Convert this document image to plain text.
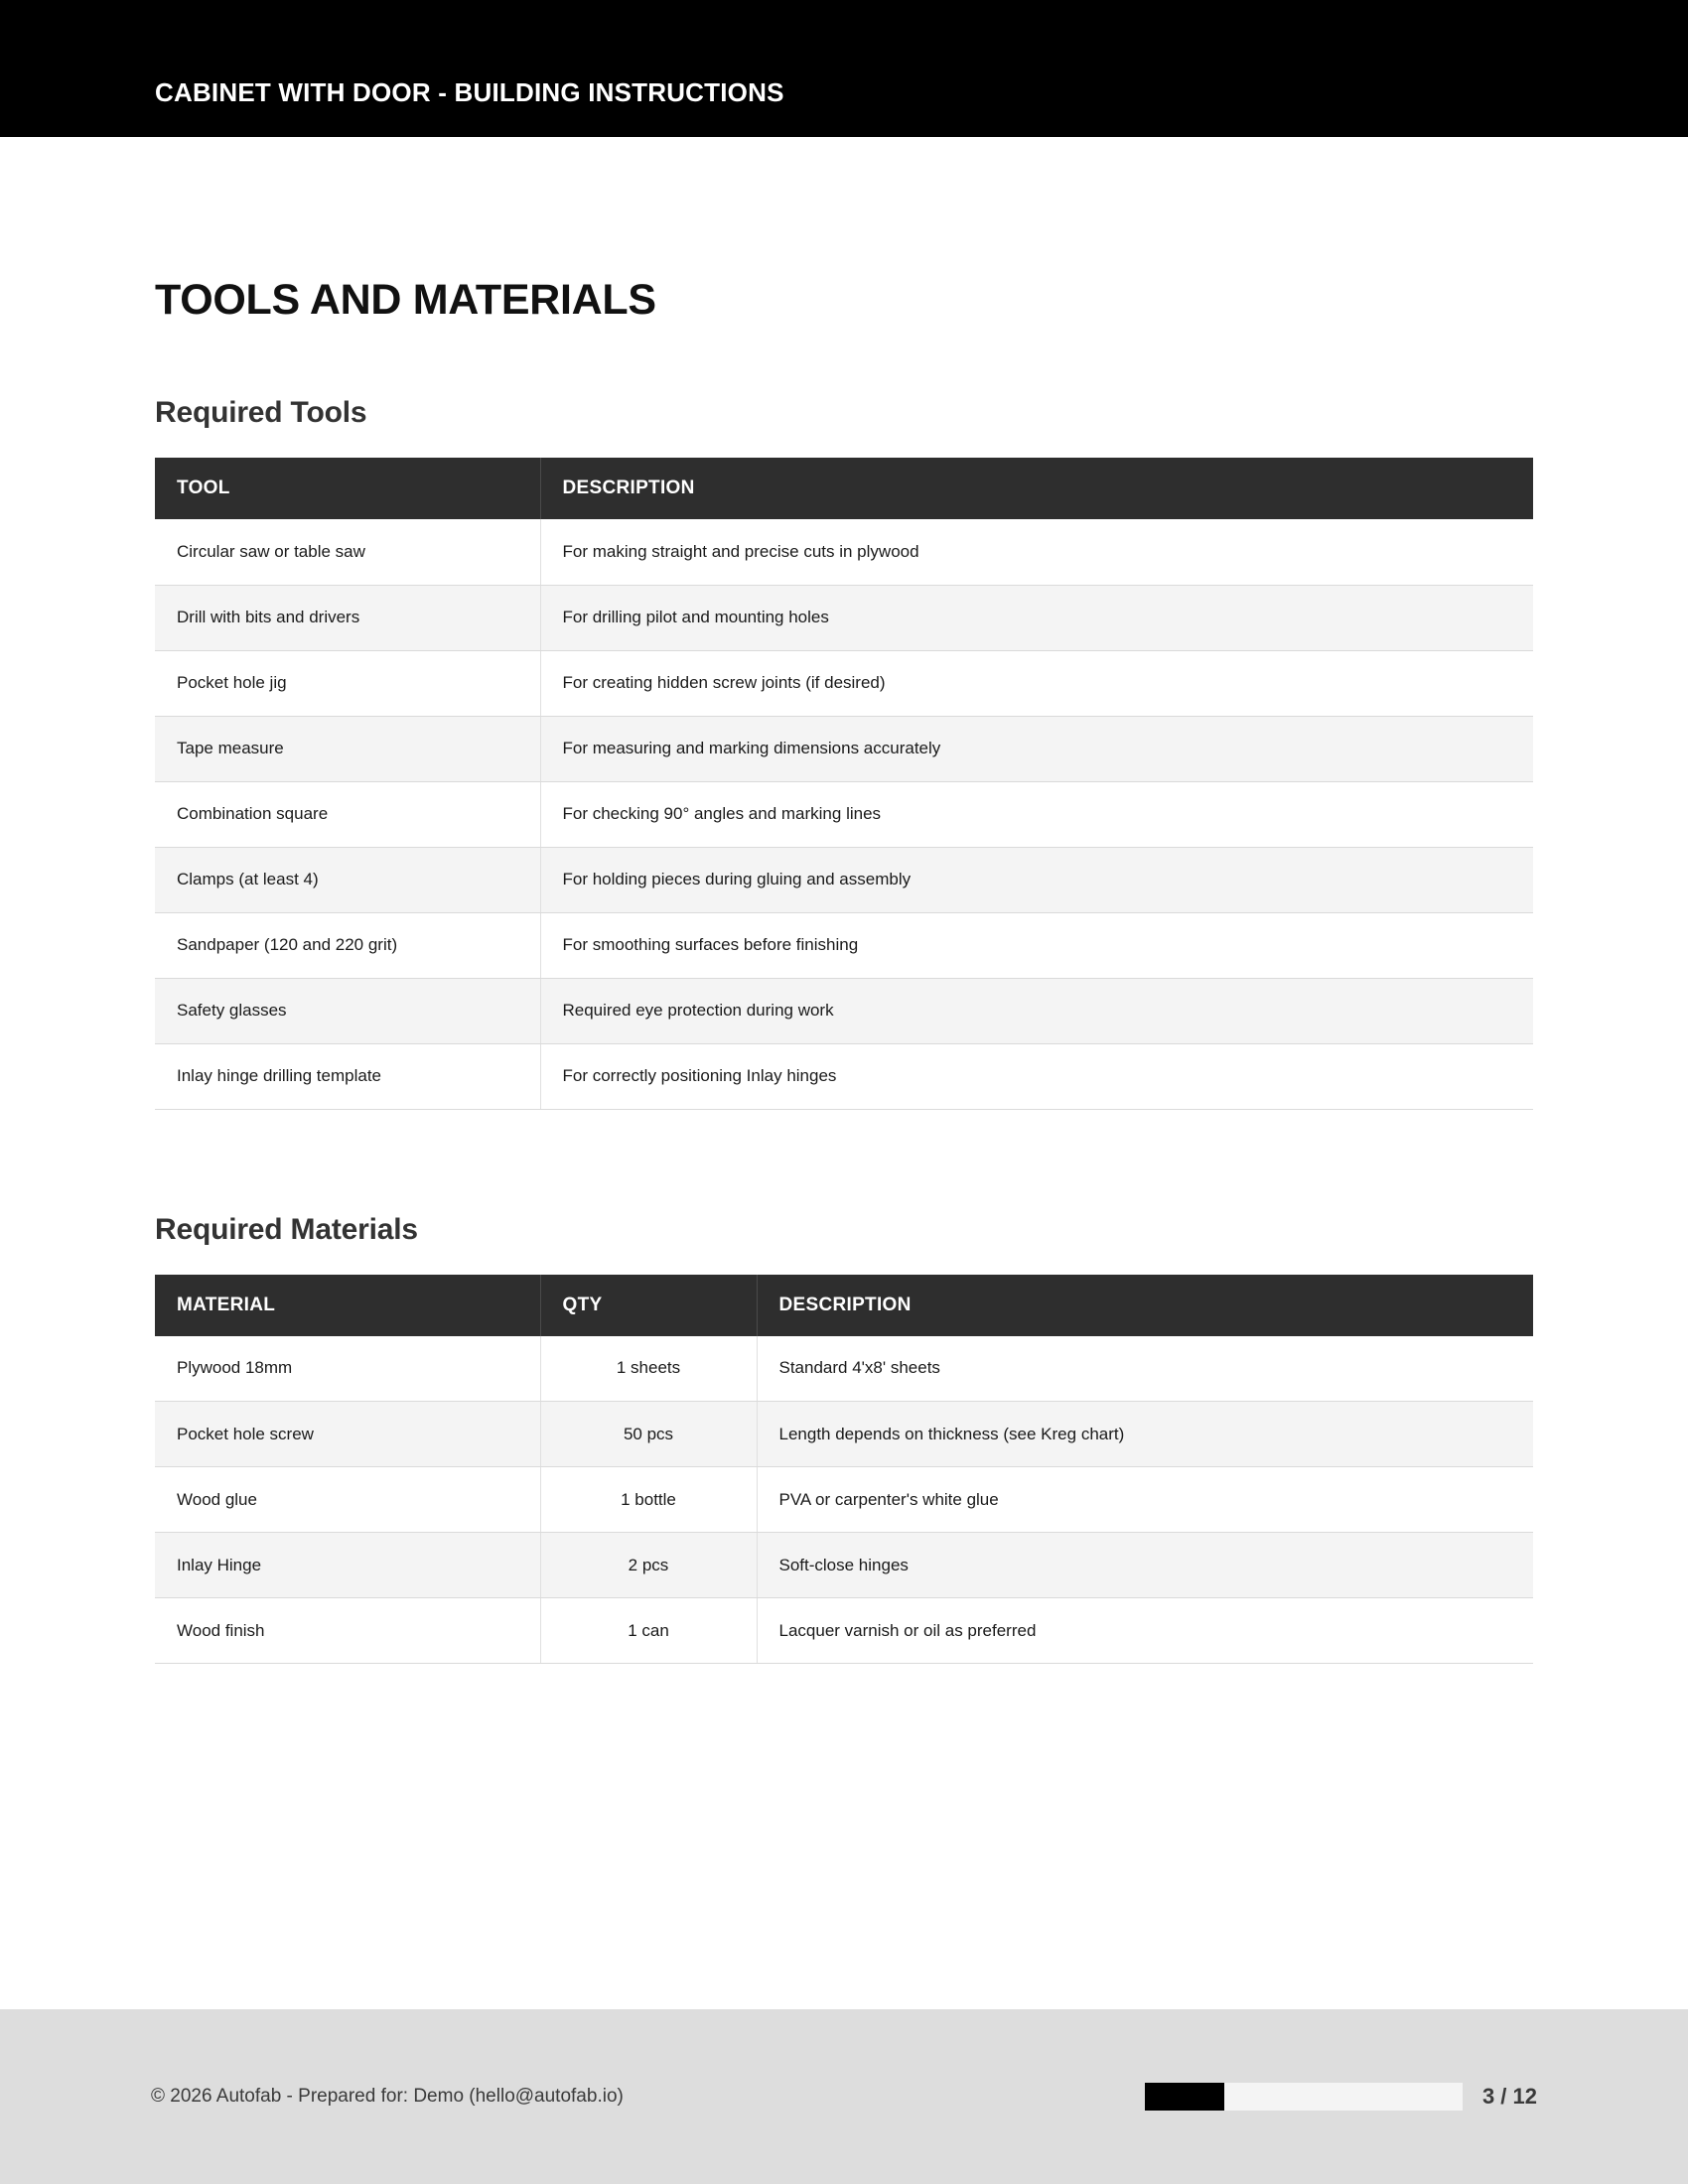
CABINET WITH DOOR - BUILDING INSTRUCTIONS
TOOLS AND MATERIALS
Required Tools
TOOL	DESCRIPTION
Circular saw or table saw	For making straight and precise cuts in plywood
Drill with bits and drivers	For drilling pilot and mounting holes
Pocket hole jig	For creating hidden screw joints (if desired)
Tape measure	For measuring and marking dimensions accurately
Combination square	For checking 90° angles and marking lines
Clamps (at least 4)	For holding pieces during gluing and assembly
Sandpaper (120 and 220 grit)	For smoothing surfaces before finishing
Safety glasses	Required eye protection during work
Inlay hinge drilling template	For correctly positioning Inlay hinges
Required Materials
MATERIAL	QTY	DESCRIPTION
Plywood 18mm	1 sheets	Standard 4'x8' sheets
Pocket hole screw	50 pcs	Length depends on thickness (see Kreg chart)
Wood glue	1 bottle	PVA or carpenter's white glue
Inlay Hinge	2 pcs	Soft-close hinges
Wood finish	1 can	Lacquer varnish or oil as preferred
© 2026 Autofab - Prepared for: Demo (hello@autofab.io)	3 / 12
